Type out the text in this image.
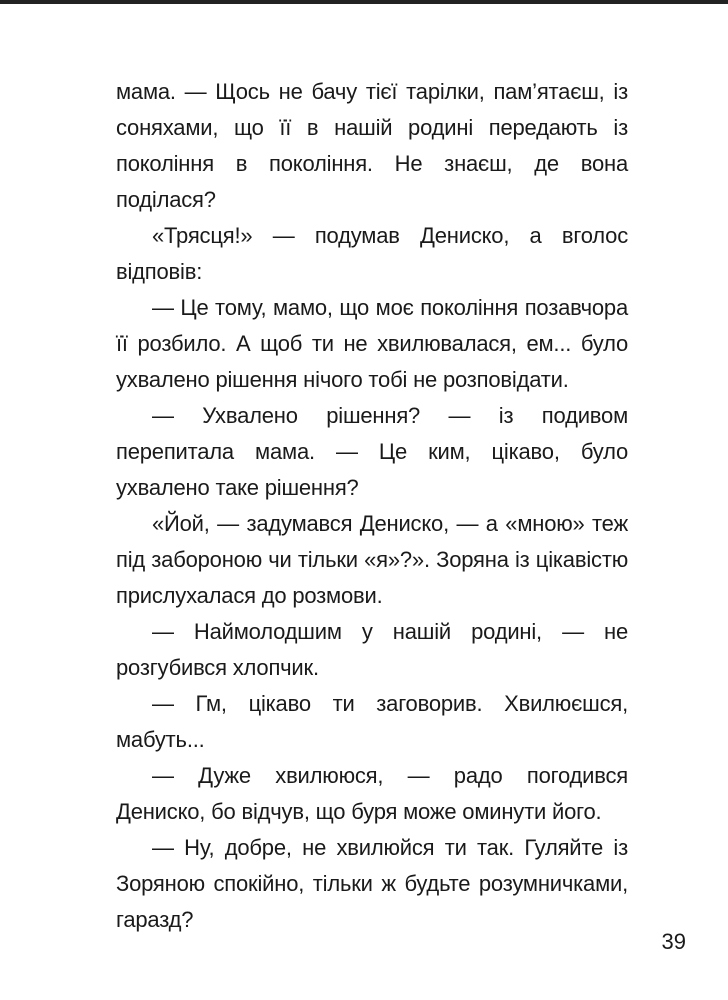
мама. — Щось не бачу тієї тарілки, пам’ятаєш, із соняхами, що її в нашій родині передають із покоління в покоління. Не знаєш, де вона поділася?

«Трясця!» — подумав Дениско, а вголос відповів:

— Це тому, мамо, що моє покоління позавчора її розбило. А щоб ти не хвилювалася, ем... було ухвалено рішення нічого тобі не розповідати.

— Ухвалено рішення? — із подивом перепитала мама. — Це ким, цікаво, було ухвалено таке рішення?

«Йой, — задумався Дениско, — а «мною» теж під забороною чи тільки «я»?». Зоряна із цікавістю прислухалася до розмови.

— Наймолодшим у нашій родині, — не розгубився хлопчик.

— Гм, цікаво ти заговорив. Хвилюєшся, мабуть...

— Дуже хвилююся, — радо погодився Дениско, бо відчув, що буря може оминути його.

— Ну, добре, не хвилюйся ти так. Гуляйте із Зоряною спокійно, тільки ж будьте розумничками, гаразд?

39
